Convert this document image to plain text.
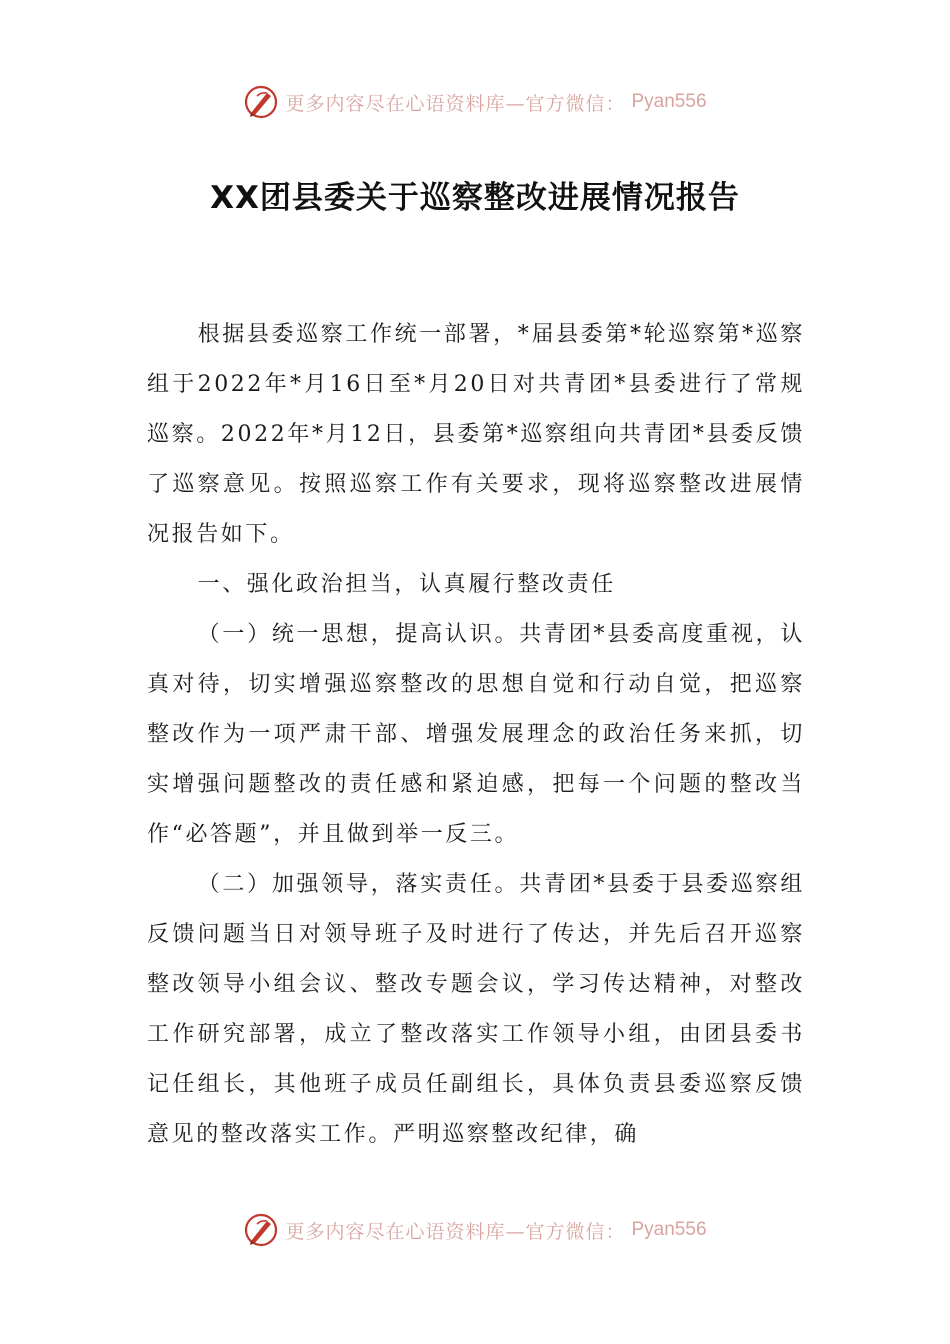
更多内容尽在心语资料库—官方微信： Pyan556
XX团县委关于巡察整改进展情况报告

根据县委巡察工作统一部署，*届县委第*轮巡察第*巡察组于2022年*月16日至*月20日对共青团*县委进行了常规巡察。2022年*月12日，县委第*巡察组向共青团*县委反馈了巡察意见。按照巡察工作有关要求，现将巡察整改进展情况报告如下。

一、强化政治担当，认真履行整改责任

（一）统一思想，提高认识。共青团*县委高度重视，认真对待，切实增强巡察整改的思想自觉和行动自觉，把巡察整改作为一项严肃干部、增强发展理念的政治任务来抓，切实增强问题整改的责任感和紧迫感，把每一个问题的整改当作“必答题”，并且做到举一反三。

（二）加强领导，落实责任。共青团*县委于县委巡察组反馈问题当日对领导班子及时进行了传达，并先后召开巡察整改领导小组会议、整改专题会议，学习传达精神，对整改工作研究部署，成立了整改落实工作领导小组，由团县委书记任组长，其他班子成员任副组长，具体负责县委巡察反馈意见的整改落实工作。严明巡察整改纪律，确

更多内容尽在心语资料库—官方微信： Pyan556
